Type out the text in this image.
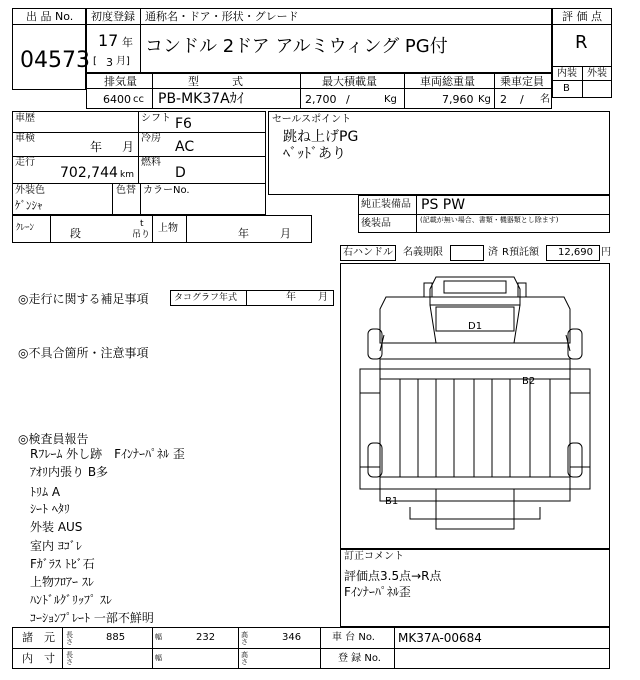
出 品 No.
04573
初度登録 通称名・ドア・形状・グレード
17 年
[ 3 月]
コンドル 2ドア アルミウィング PG付
評 価 点
R
内装 外装
B
排気量	型　　　式	最大積載量	車両総重量 乗車定員
6400 cc PB-MK37Aｶｲ	2,700 /	Kg	7,960 Kg 2 / 名
車歴	シフト F6
車検
年 月
冷房
AC
走行
702,744 km
燃料
D
外装色
ｹﾞﾝｼｬ
色替 カラーNo.
セールスポイント
跳ね上げPG
ﾍﾞｯﾄﾞあり
純正装備品 PS PW
後装品	(記載が無い場合、書類・機器類とし除ます)
ｸﾚｰﾝ	段
t
吊り
上物	年	月
右ハンドル 名義期限	済 R預託額 12,690 円
◎走行に関する補足事項	タコグラフ年式	年 月
◎不具合箇所・注意事項
◎検査員報告
Rﾌﾚｰﾑ 外し跡　Fｲﾝﾅｰﾊﾟﾈﾙ 歪
ｱｵﾘ内張り B多
ﾄﾘﾑ A
ｼｰﾄ ﾍﾀﾘ
外装 AUS
室内 ﾖｺﾞﾚ
Fｶﾞﾗｽ ﾄﾋﾞ石
上物ﾌﾛｱｰ ｽﾚ
ﾊﾝﾄﾞﾙｸﾞﾘｯﾌﾟ ｽﾚ
ｺｰｼｮﾝﾌﾟﾚｰﾄ 一部不鮮明
D1
B2
B1
訂正コメント
評価点3.5点→R点
Fｲﾝﾅｰﾊﾟﾈﾙ歪
諸　元 長さ	885	幅	232	高さ	346	車 台 No. MK37A-00684
内　寸 長さ	幅	高さ	登 録 No.
